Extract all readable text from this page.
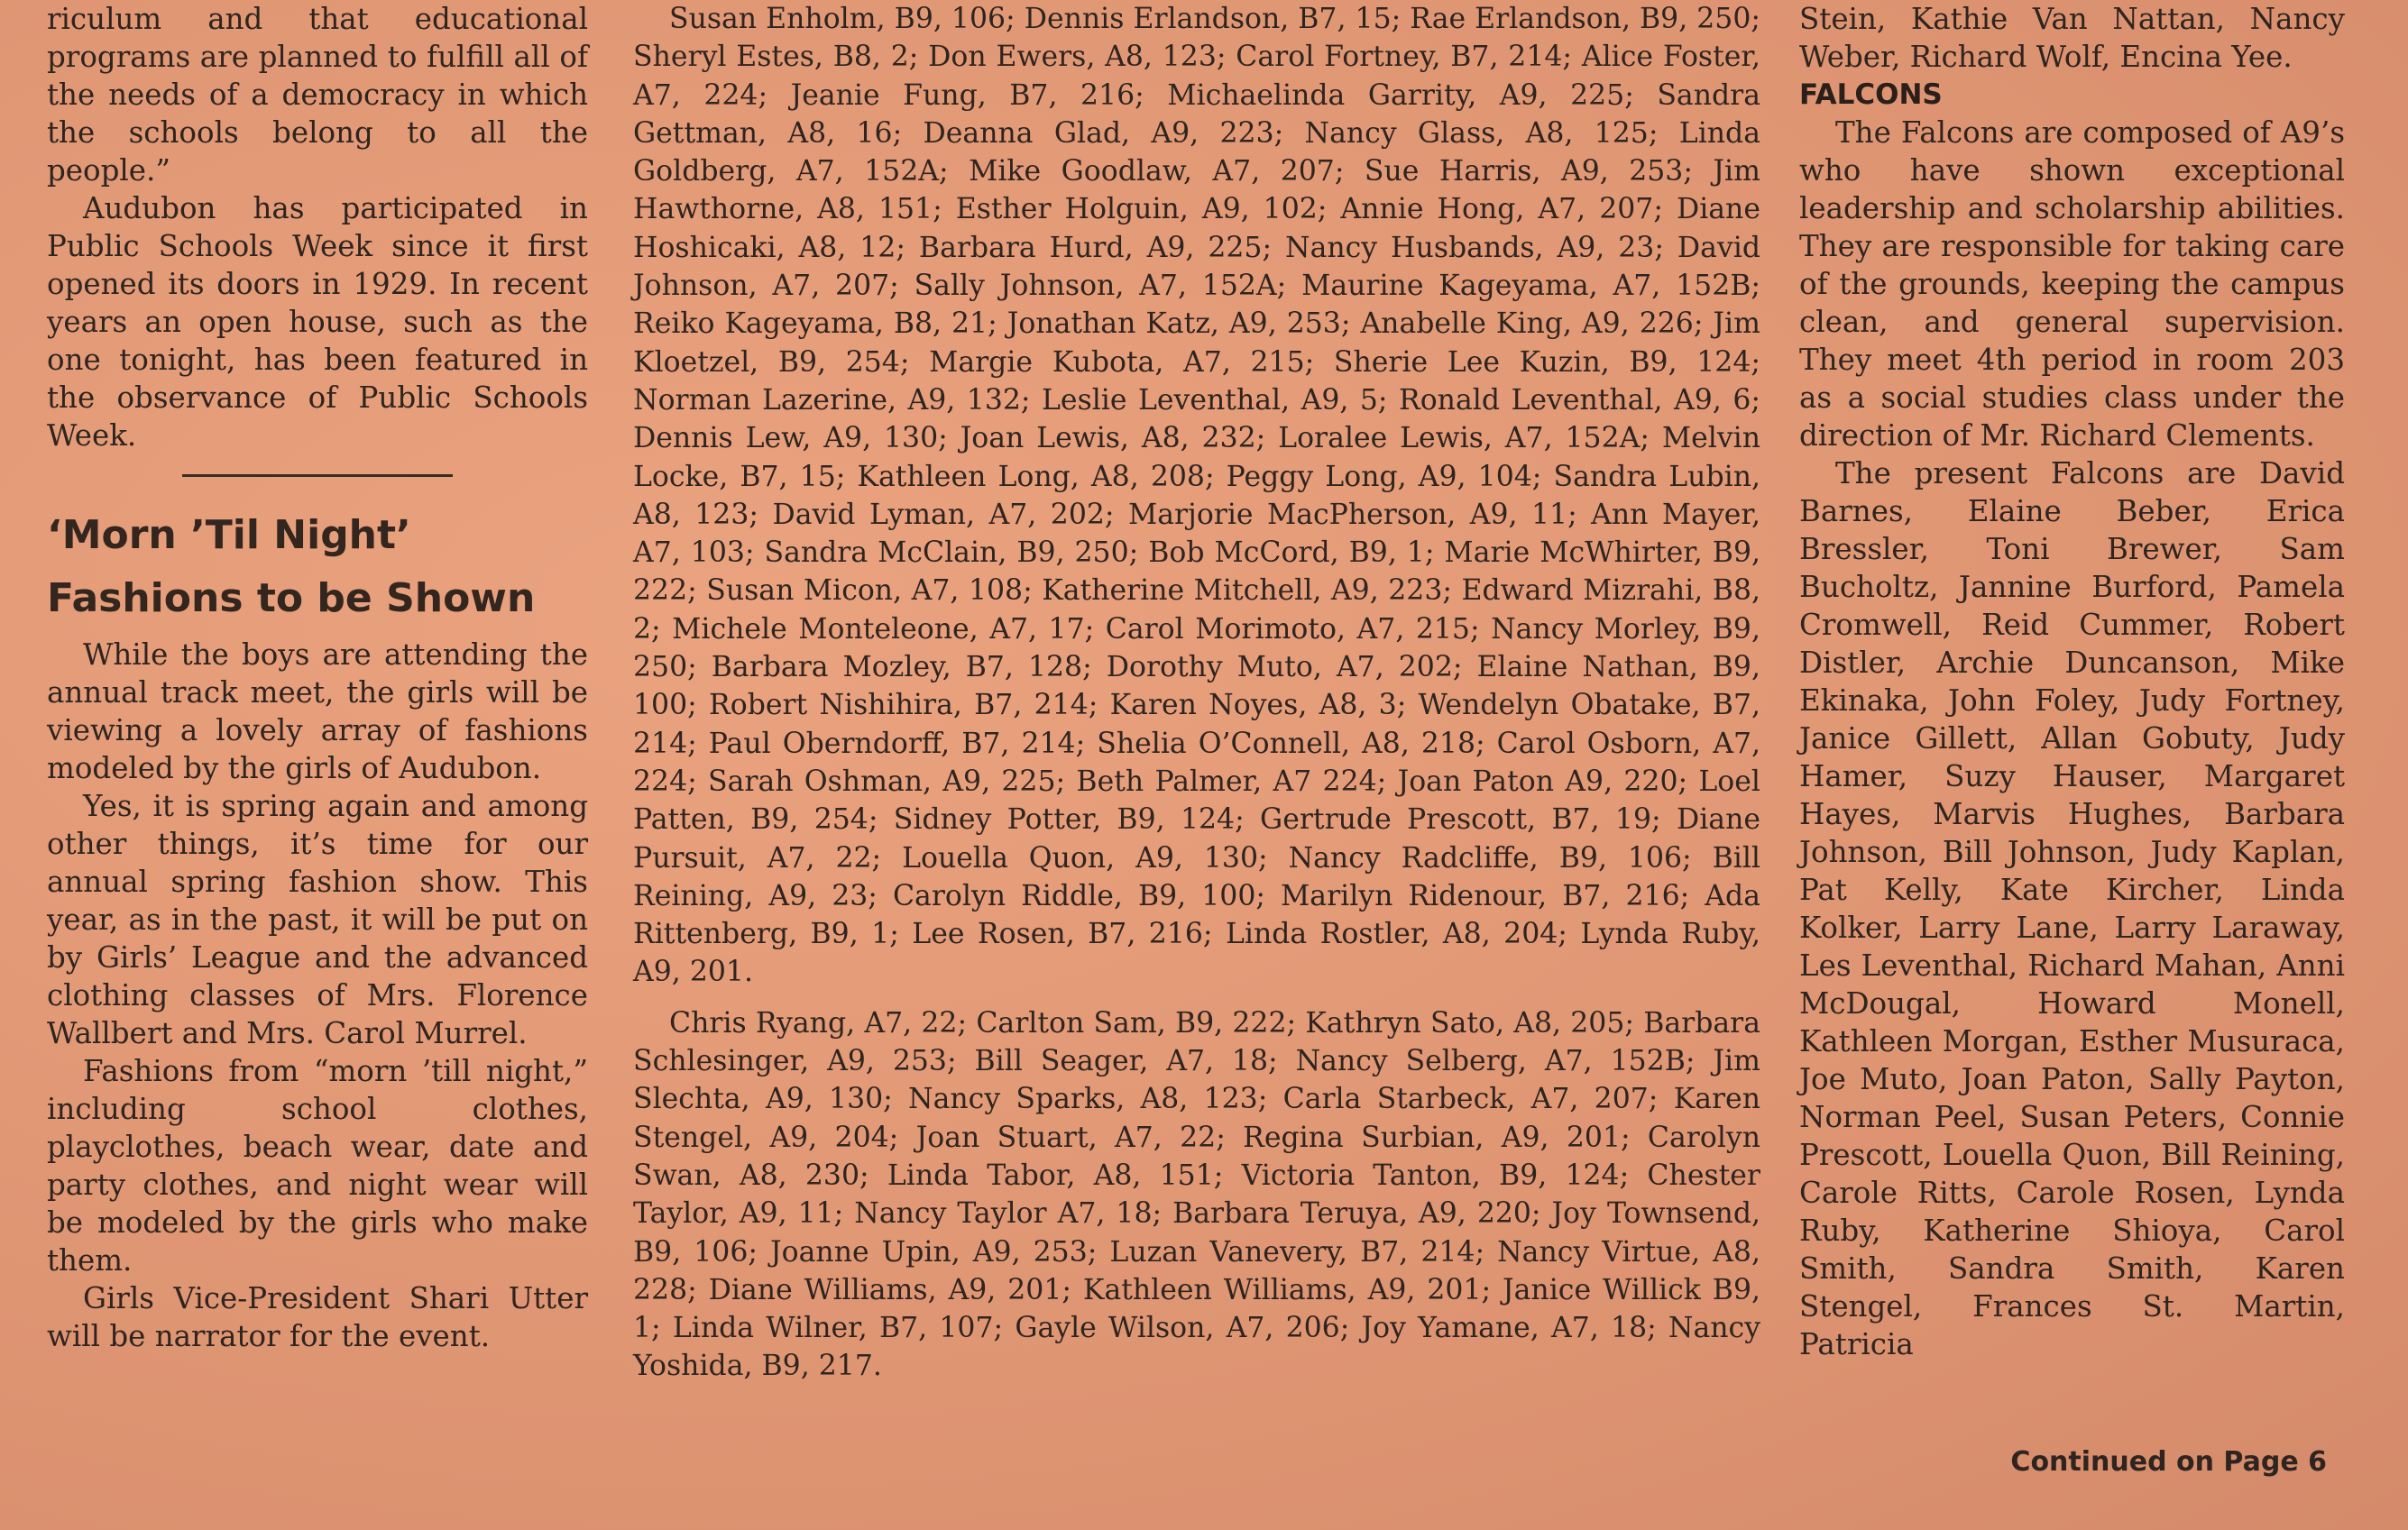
riculum and that educational programs are planned to fulfill all of the needs of a democracy in which the schools belong to all the people.”

Audubon has participated in Public Schools Week since it first opened its doors in 1929. In recent years an open house, such as the one tonight, has been featured in the observance of Public Schools Week.

‘Morn ’Til Night’
Fashions to be Shown

While the boys are attending the annual track meet, the girls will be viewing a lovely array of fashions modeled by the girls of Audubon.

Yes, it is spring again and among other things, it’s time for our annual spring fashion show. This year, as in the past, it will be put on by Girls’ League and the advanced clothing classes of Mrs. Florence Wallbert and Mrs. Carol Murrel.

Fashions from “morn ’till night,” including school clothes, playclothes, beach wear, date and party clothes, and night wear will be modeled by the girls who make them.

Girls Vice-President Shari Utter will be narrator for the event.

Susan Enholm, B9, 106; Dennis Erlandson, B7, 15; Rae Erlandson, B9, 250; Sheryl Estes, B8, 2; Don Ewers, A8, 123; Carol Fortney, B7, 214; Alice Foster, A7, 224; Jeanie Fung, B7, 216; Michaelinda Garrity, A9, 225; Sandra Gettman, A8, 16; Deanna Glad, A9, 223; Nancy Glass, A8, 125; Linda Goldberg, A7, 152A; Mike Goodlaw, A7, 207; Sue Harris, A9, 253; Jim Hawthorne, A8, 151; Esther Holguin, A9, 102; Annie Hong, A7, 207; Diane Hoshicaki, A8, 12; Barbara Hurd, A9, 225; Nancy Husbands, A9, 23; David Johnson, A7, 207; Sally Johnson, A7, 152A; Maurine Kageyama, A7, 152B; Reiko Kageyama, B8, 21; Jonathan Katz, A9, 253; Anabelle King, A9, 226; Jim Kloetzel, B9, 254; Margie Kubota, A7, 215; Sherie Lee Kuzin, B9, 124; Norman Lazerine, A9, 132; Leslie Leventhal, A9, 5; Ronald Leventhal, A9, 6; Dennis Lew, A9, 130; Joan Lewis, A8, 232; Loralee Lewis, A7, 152A; Melvin Locke, B7, 15; Kathleen Long, A8, 208; Peggy Long, A9, 104; Sandra Lubin, A8, 123; David Lyman, A7, 202; Marjorie MacPherson, A9, 11; Ann Mayer, A7, 103; Sandra McClain, B9, 250; Bob McCord, B9, 1; Marie McWhirter, B9, 222; Susan Micon, A7, 108; Katherine Mitchell, A9, 223; Edward Mizrahi, B8, 2; Michele Monteleone, A7, 17; Carol Morimoto, A7, 215; Nancy Morley, B9, 250; Barbara Mozley, B7, 128; Dorothy Muto, A7, 202; Elaine Nathan, B9, 100; Robert Nishihira, B7, 214; Karen Noyes, A8, 3; Wendelyn Obatake, B7, 214; Paul Oberndorff, B7, 214; Shelia O’Connell, A8, 218; Carol Osborn, A7, 224; Sarah Oshman, A9, 225; Beth Palmer, A7 224; Joan Paton A9, 220; Loel Patten, B9, 254; Sidney Potter, B9, 124; Gertrude Prescott, B7, 19; Diane Pursuit, A7, 22; Louella Quon, A9, 130; Nancy Radcliffe, B9, 106; Bill Reining, A9, 23; Carolyn Riddle, B9, 100; Marilyn Ridenour, B7, 216; Ada Rittenberg, B9, 1; Lee Rosen, B7, 216; Linda Rostler, A8, 204; Lynda Ruby, A9, 201.

Chris Ryang, A7, 22; Carlton Sam, B9, 222; Kathryn Sato, A8, 205; Barbara Schlesinger, A9, 253; Bill Seager, A7, 18; Nancy Selberg, A7, 152B; Jim Slechta, A9, 130; Nancy Sparks, A8, 123; Carla Starbeck, A7, 207; Karen Stengel, A9, 204; Joan Stuart, A7, 22; Regina Surbian, A9, 201; Carolyn Swan, A8, 230; Linda Tabor, A8, 151; Victoria Tanton, B9, 124; Chester Taylor, A9, 11; Nancy Taylor A7, 18; Barbara Teruya, A9, 220; Joy Townsend, B9, 106; Joanne Upin, A9, 253; Luzan Vanevery, B7, 214; Nancy Virtue, A8, 228; Diane Williams, A9, 201; Kathleen Williams, A9, 201; Janice Willick B9, 1; Linda Wilner, B7, 107; Gayle Wilson, A7, 206; Joy Yamane, A7, 18; Nancy Yoshida, B9, 217.

Stein, Kathie Van Nattan, Nancy Weber, Richard Wolf, Encina Yee.

FALCONS

The Falcons are composed of A9’s who have shown exceptional leadership and scholarship abilities. They are responsible for taking care of the grounds, keeping the campus clean, and general supervision. They meet 4th period in room 203 as a social studies class under the direction of Mr. Richard Clements.

The present Falcons are David Barnes, Elaine Beber, Erica Bressler, Toni Brewer, Sam Bucholtz, Jannine Burford, Pamela Cromwell, Reid Cummer, Robert Distler, Archie Duncanson, Mike Ekinaka, John Foley, Judy Fortney, Janice Gillett, Allan Gobuty, Judy Hamer, Suzy Hauser, Margaret Hayes, Marvis Hughes, Barbara Johnson, Bill Johnson, Judy Kaplan, Pat Kelly, Kate Kircher, Linda Kolker, Larry Lane, Larry Laraway, Les Leventhal, Richard Mahan, Anni McDougal, Howard Monell, Kathleen Morgan, Esther Musuraca, Joe Muto, Joan Paton, Sally Payton, Norman Peel, Susan Peters, Connie Prescott, Louella Quon, Bill Reining, Carole Ritts, Carole Rosen, Lynda Ruby, Katherine Shioya, Carol Smith, Sandra Smith, Karen Stengel, Frances St. Martin, Patricia

Continued on Page 6
